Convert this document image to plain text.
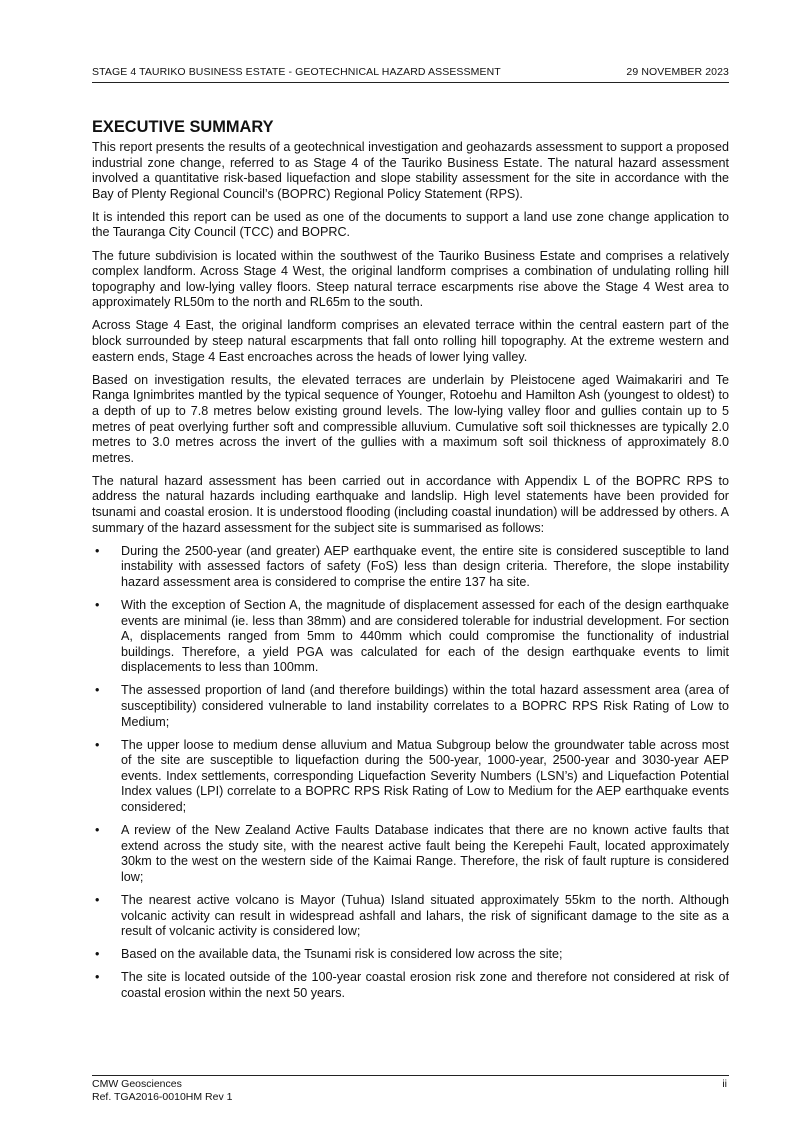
STAGE 4 TAURIKO BUSINESS ESTATE - GEOTECHNICAL HAZARD ASSESSMENT	29 NOVEMBER 2023
EXECUTIVE SUMMARY

This report presents the results of a geotechnical investigation and geohazards assessment to support a proposed industrial zone change, referred to as Stage 4 of the Tauriko Business Estate. The natural hazard assessment involved a quantitative risk-based liquefaction and slope stability assessment for the site in accordance with the Bay of Plenty Regional Council’s (BOPRC) Regional Policy Statement (RPS).

It is intended this report can be used as one of the documents to support a land use zone change application to the Tauranga City Council (TCC) and BOPRC.

The future subdivision is located within the southwest of the Tauriko Business Estate and comprises a relatively complex landform. Across Stage 4 West, the original landform comprises a combination of undulating rolling hill topography and low-lying valley floors. Steep natural terrace escarpments rise above the Stage 4 West area to approximately RL50m to the north and RL65m to the south.

Across Stage 4 East, the original landform comprises an elevated terrace within the central eastern part of the block surrounded by steep natural escarpments that fall onto rolling hill topography. At the extreme western and eastern ends, Stage 4 East encroaches across the heads of lower lying valley.

Based on investigation results, the elevated terraces are underlain by Pleistocene aged Waimakariri and Te Ranga Ignimbrites mantled by the typical sequence of Younger, Rotoehu and Hamilton Ash (youngest to oldest) to a depth of up to 7.8 metres below existing ground levels. The low-lying valley floor and gullies contain up to 5 metres of peat overlying further soft and compressible alluvium. Cumulative soft soil thicknesses are typically 2.0 metres to 3.0 metres across the invert of the gullies with a maximum soft soil thickness of approximately 8.0 metres.

The natural hazard assessment has been carried out in accordance with Appendix L of the BOPRC RPS to address the natural hazards including earthquake and landslip. High level statements have been provided for tsunami and coastal erosion. It is understood flooding (including coastal inundation) will be addressed by others. A summary of the hazard assessment for the subject site is summarised as follows:

• During the 2500-year (and greater) AEP earthquake event, the entire site is considered susceptible to land instability with assessed factors of safety (FoS) less than design criteria. Therefore, the slope instability hazard assessment area is considered to comprise the entire 137 ha site.
• With the exception of Section A, the magnitude of displacement assessed for each of the design earthquake events are minimal (ie. less than 38mm) and are considered tolerable for industrial development. For section A, displacements ranged from 5mm to 440mm which could compromise the functionality of industrial buildings. Therefore, a yield PGA was calculated for each of the design earthquake events to limit displacements to less than 100mm.
• The assessed proportion of land (and therefore buildings) within the total hazard assessment area (area of susceptibility) considered vulnerable to land instability correlates to a BOPRC RPS Risk Rating of Low to Medium;
• The upper loose to medium dense alluvium and Matua Subgroup below the groundwater table across most of the site are susceptible to liquefaction during the 500-year, 1000-year, 2500-year and 3030-year AEP events. Index settlements, corresponding Liquefaction Severity Numbers (LSN’s) and Liquefaction Potential Index values (LPI) correlate to a BOPRC RPS Risk Rating of Low to Medium for the AEP earthquake events considered;
• A review of the New Zealand Active Faults Database indicates that there are no known active faults that extend across the study site, with the nearest active fault being the Kerepehi Fault, located approximately 30km to the west on the western side of the Kaimai Range. Therefore, the risk of fault rupture is considered low;
• The nearest active volcano is Mayor (Tuhua) Island situated approximately 55km to the north. Although volcanic activity can result in widespread ashfall and lahars, the risk of significant damage to the site as a result of volcanic activity is considered low;
• Based on the available data, the Tsunami risk is considered low across the site;
• The site is located outside of the 100-year coastal erosion risk zone and therefore not considered at risk of coastal erosion within the next 50 years.
CMW Geosciences
Ref. TGA2016-0010HM Rev 1
ii
